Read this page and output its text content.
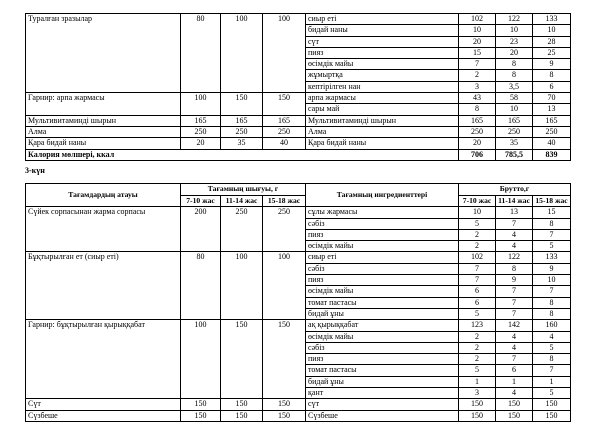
Туралған зразылар	80	100	100	сиыр еті	102	122	133
				бидай наны	10	10	10
				сүт	20	23	28
				пияз	15	20	25
				өсімдік майы	7	8	9
				жұмыртқа	2	8	8
				кептірілген нан	3	3,5	6
Гарнир: арпа жармасы	100	150	150	арпа жармасы	43	58	70
				сары май	8	10	13
Мультивитаминді шырын	165	165	165	Мультивитаминді шырын	165	165	165
Алма	250	250	250	Алма	250	250	250
Қара бидай наны	20	35	40	Қара бидай наны	20	35	40
Калория мөлшері, ккал					706	785,5	839
3-күн
Тағамдардың атауы	Тағамның шығуы, г			Тағамның ингредиенттері	Брутто,г		
	7-10 жас	11-14 жас	15-18 жас		7-10 жас	11-14 жас	15-18 жас
Сүйек сорпасынан жарма сорпасы	200	250	250	сұлы жармасы	10	13	15
				сәбіз	5	7	8
				пияз	2	4	7
				өсімдік майы	2	4	5
Бұқтырылған ет (сиыр еті)	80	100	100	сиыр еті	102	122	133
				сәбіз	7	8	9
				пияз	7	9	10
				өсімдік майы	6	7	7
				томат пастасы	6	7	8
				бидай ұны	5	7	8
Гарнир: бұқтырылған қырыққабат	100	150	150	ақ қырыққабат	123	142	160
				өсімдік майы	2	4	4
				сәбіз	2	4	5
				пияз	2	7	8
				томат пастасы	5	6	7
				бидай ұны	1	1	1
				қант	3	4	5
Сүт	150	150	150	сүт	150	150	150
Сүзбеше	150	150	150	Сүзбеше	150	150	150
